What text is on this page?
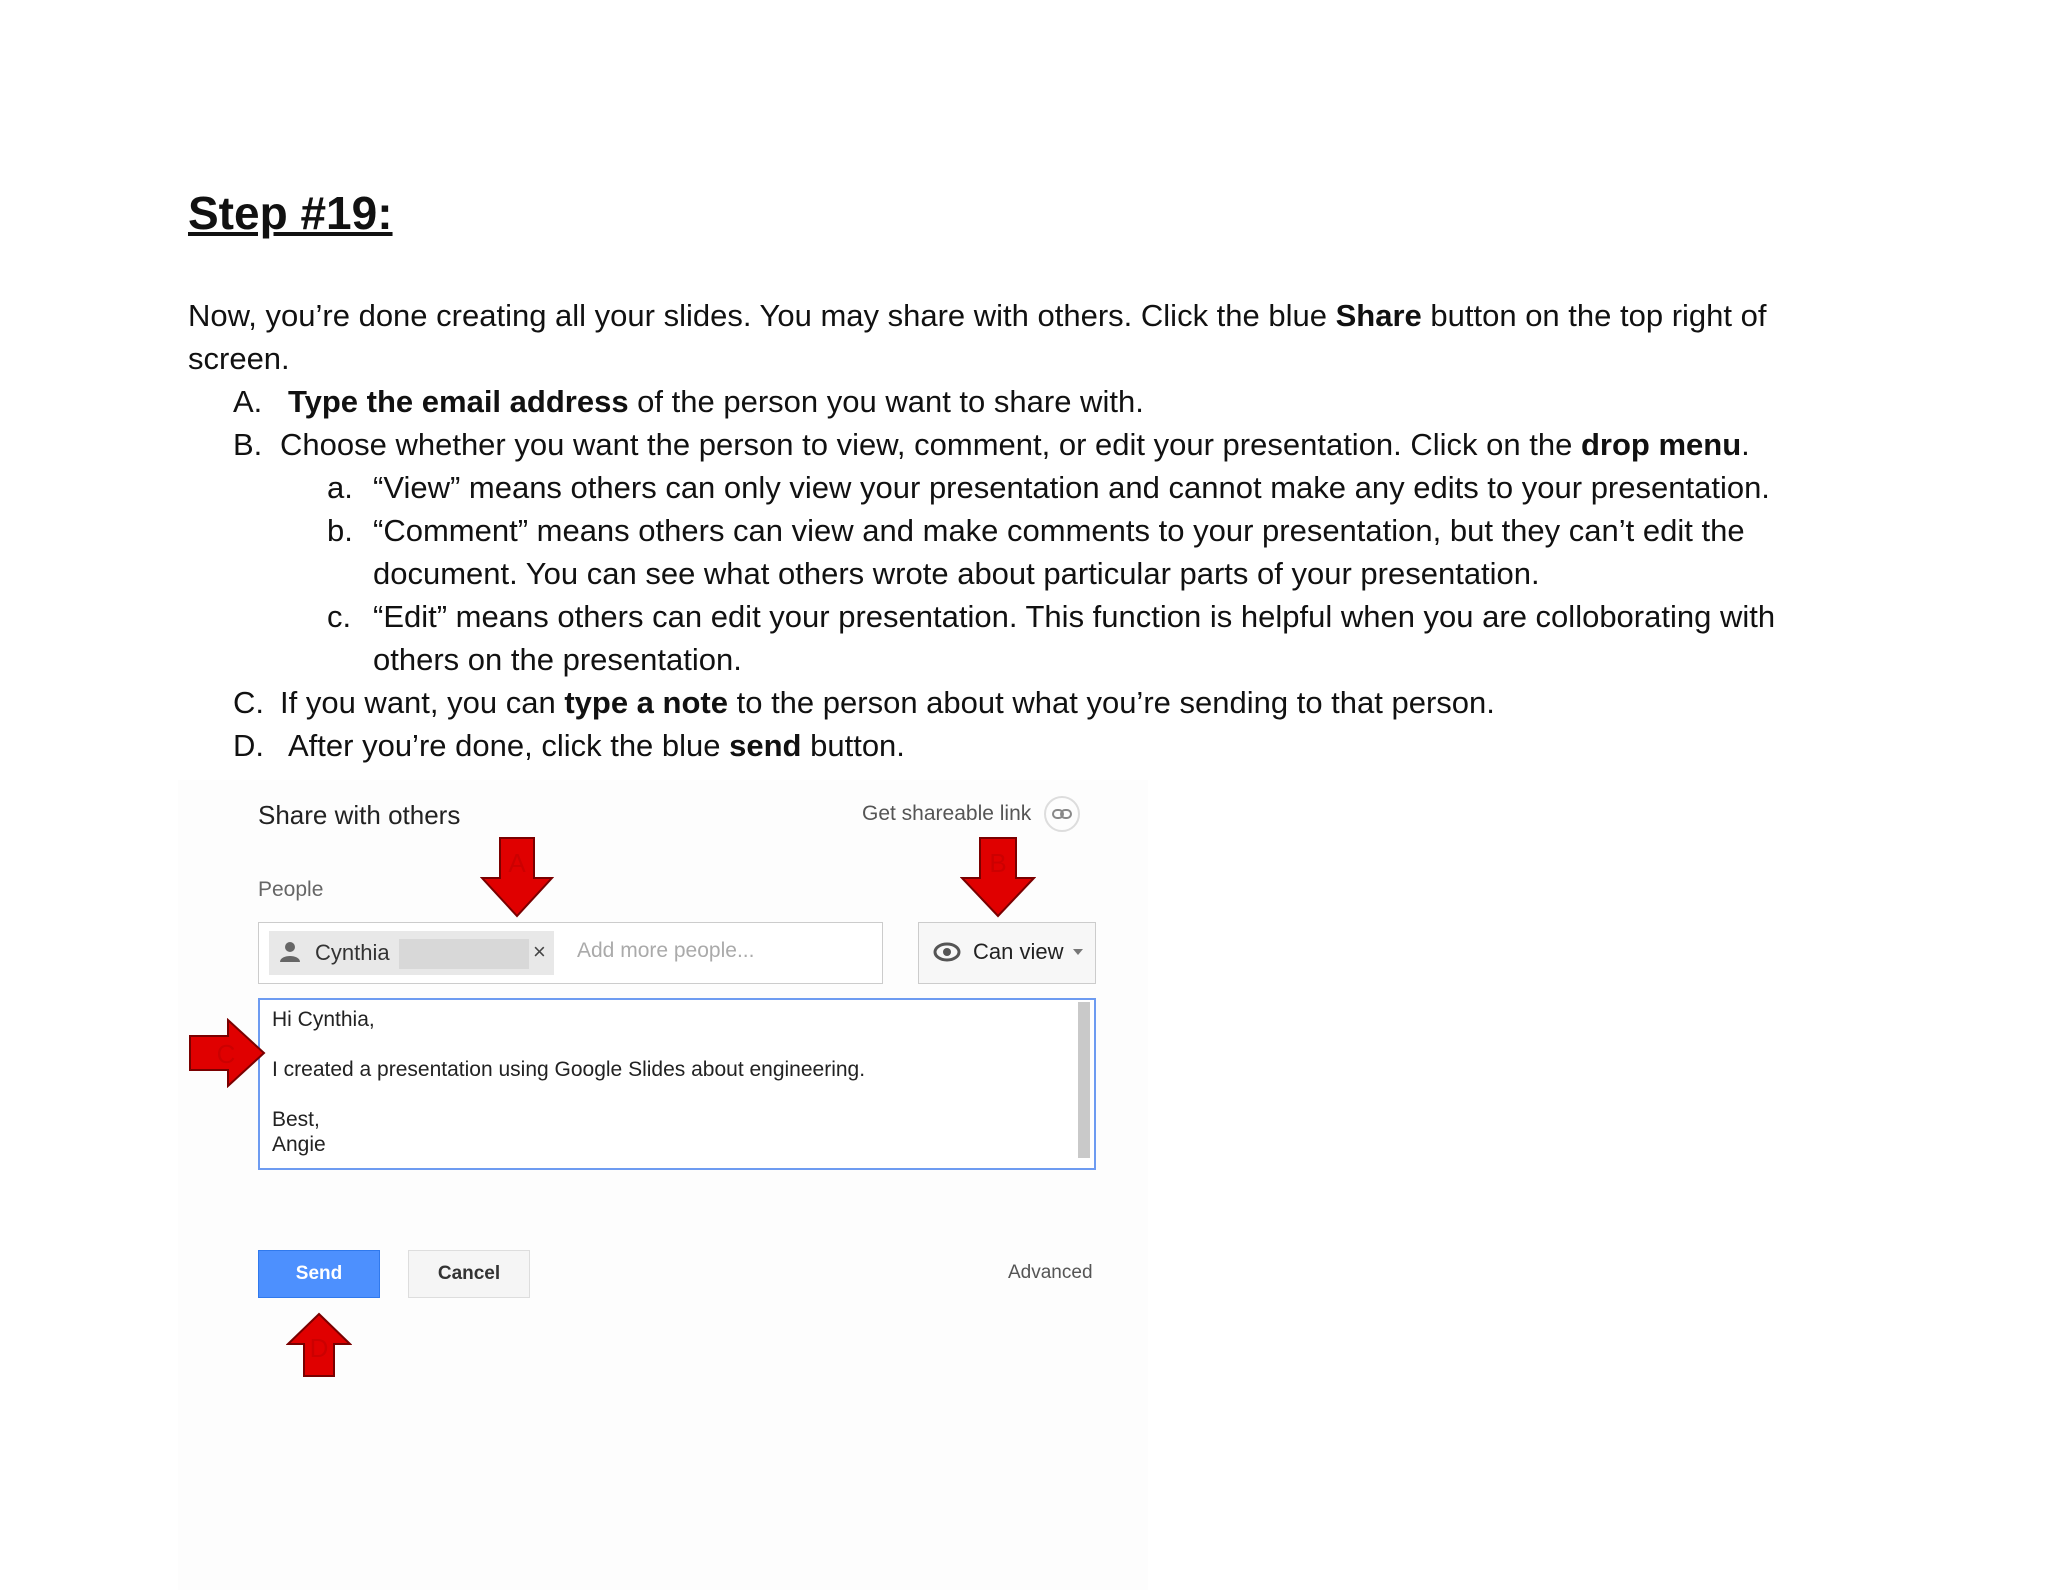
Step #19:
Now, you’re done creating all your slides. You may share with others. Click the blue Share button on the top right of
screen.
A. Type the email address of the person you want to share with.
B. Choose whether you want the person to view, comment, or edit your presentation. Click on the drop menu.
a. “View” means others can only view your presentation and cannot make any edits to your presentation.
b. “Comment” means others can view and make comments to your presentation, but they can’t edit the
document. You can see what others wrote about particular parts of your presentation.
c. “Edit” means others can edit your presentation. This function is helpful when you are colloborating with
others on the presentation.
C. If you want, you can type a note to the person about what you’re sending to that person.
D. After you’re done, click the blue send button.
Share with others	Get shareable link
People
Cynthia	× Add more people...	Can view
Hi Cynthia,
I created a presentation using Google Slides about engineering.
Best,
Angie
Send	Cancel	Advanced
A	B
C
D
